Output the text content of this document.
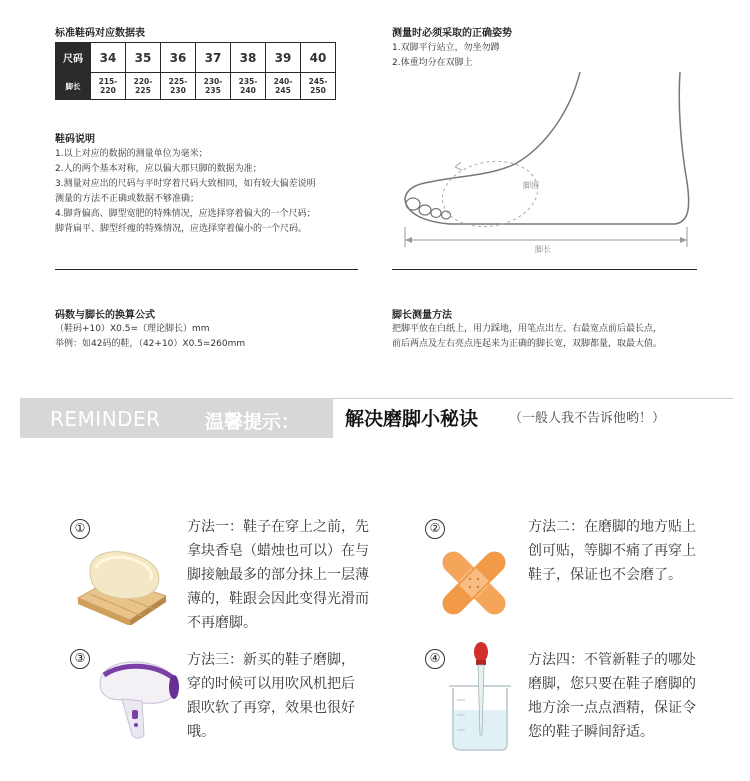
标准鞋码对应数据表
尺码	34	35	36	37	38	39	40
脚长	215-220	220-225	225-230	230-235	235-240	240-245	245-250
鞋码说明
1.以上对应的数据的测量单位为毫米；
2.人的两个基本对称，应以偏大那只脚的数据为准；
3.测量对应出的尺码与平时穿着尺码大致相同，如有较大偏差说明
测量的方法不正确或数据不够准确；
4.脚背偏高、脚型宽肥的特殊情况，应选择穿着偏大的一个尺码；
脚背扁平、脚型纤瘦的特殊情况，应选择穿着偏小的一个尺码。
码数与脚长的换算公式
（鞋码+10）X0.5=（理论脚长）mm
举例：如42码的鞋，（42+10）X0.5=260mm
测量时必须采取的正确姿势
1.双脚平行站立，勿坐勿蹲
2.体重均分在双脚上
脚围
脚长
脚长测量方法
把脚平放在白纸上，用力踩地，用笔点出左、右最宽点前后最长点，
前后两点及左右亮点连起来为正确的脚长宽，双脚都量，取最大值。
REMINDER 温馨提示： 解决磨脚小秘诀 （一般人我不告诉他哟！）
①	方法一：鞋子在穿上之前，先
拿块香皂（蜡烛也可以）在与
脚接触最多的部分抹上一层薄
薄的，鞋跟会因此变得光滑而
不再磨脚。
②	方法二：在磨脚的地方贴上
创可贴，等脚不痛了再穿上
鞋子，保证也不会磨了。
③	方法三：新买的鞋子磨脚，
穿的时候可以用吹风机把后
跟吹软了再穿，效果也很好
哦。
④	方法四：不管新鞋子的哪处
磨脚，您只要在鞋子磨脚的
地方涂一点点酒精，保证令
您的鞋子瞬间舒适。
